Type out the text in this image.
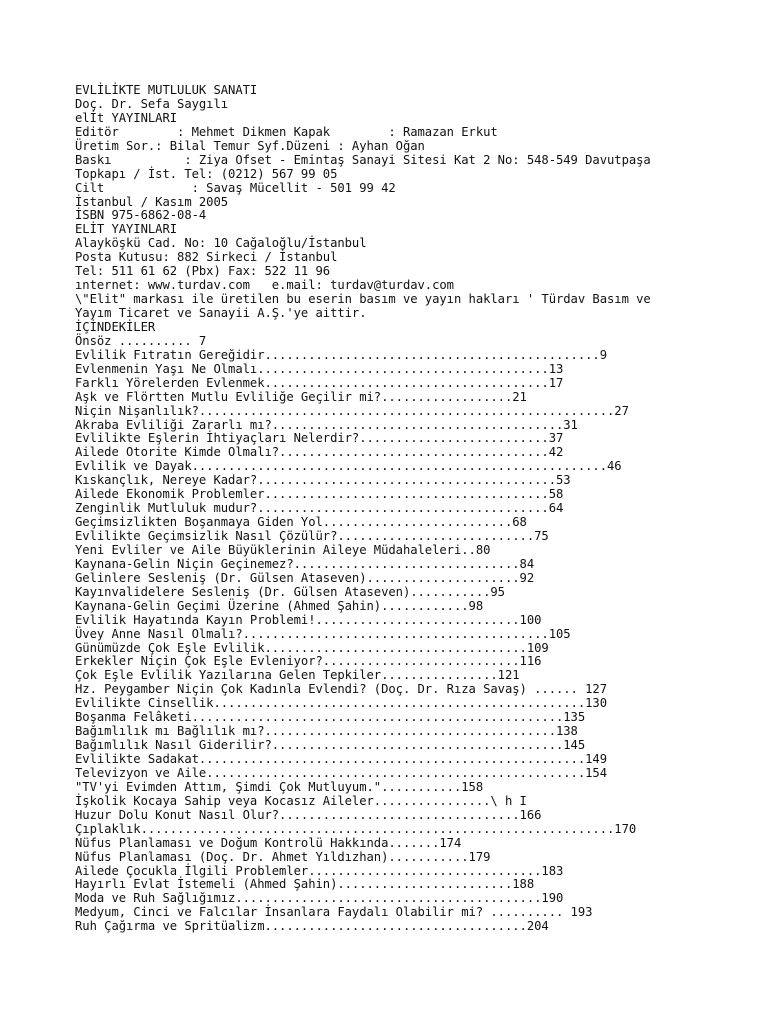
EVLİLİKTE MUTLULUK SANATI
Doç. Dr. Sefa Saygılı
elİt YAYINLARI
Editör        : Mehmet Dikmen Kapak        : Ramazan Erkut
Üretim Sor.: Bilal Temur Syf.Düzeni : Ayhan Oğan
Baskı          : Ziya Ofset - Emintaş Sanayi Sitesi Kat 2 No: 548-549 Davutpaşa
Topkapı / İst. Tel: (0212) 567 99 05
Cilt            : Savaş Mücellit - 501 99 42
İstanbul / Kasım 2005
İSBN 975-6862-08-4
ELİT YAYINLARI
Alayköşkü Cad. No: 10 Cağaloğlu/İstanbul
Posta Kutusu: 882 Sirkeci / İstanbul
Tel: 511 61 62 (Pbx) Fax: 522 11 96
ınternet: www.turdav.com   e.mail: turdav@turdav.com
\"Elit" markası ile üretilen bu eserin basım ve yayın hakları ' Türdav Basım ve
Yayım Ticaret ve Sanayii A.Ş.'ye aittir.
İÇİNDEKİLER
Önsöz .......... 7
Evlilik Fıtratın Gereğidir..............................................9
Evlenmenin Yaşı Ne Olmalı........................................13
Farklı Yörelerden Evlenmek.......................................17
Aşk ve Flörtten Mutlu Evliliğe Geçilir mi?..................21
Niçin Nişanlılık?.........................................................27
Akraba Evliliği Zararlı mı?........................................31
Evlilikte Eşlerin İhtiyaçları Nelerdir?..........................37
Ailede Otorite Kimde Olmalı?.....................................42
Evlilik ve Dayak.........................................................46
Kıskançlık, Nereye Kadar?.........................................53
Ailede Ekonomik Problemler.......................................58
Zenginlik Mutluluk mudur?........................................64
Geçimsizlikten Boşanmaya Giden Yol..........................68
Evlilikte Geçimsizlik Nasıl Çözülür?...........................75
Yeni Evliler ve Aile Büyüklerinin Aileye Müdahaleleri..80
Kaynana-Gelin Niçin Geçinemez?...............................84
Gelinlere Sesleniş (Dr. Gülsen Ataseven).....................92
Kayınvalidelere Sesleniş (Dr. Gülsen Ataseven)...........95
Kaynana-Gelin Geçimi Üzerine (Ahmed Şahin)............98
Evlilik Hayatında Kayın Problemi!............................100
Üvey Anne Nasıl Olmalı?..........................................105
Günümüzde Çok Eşle Evlilik....................................109
Erkekler Niçin Çok Eşle Evleniyor?...........................116
Çok Eşle Evlilik Yazılarına Gelen Tepkiler................121
Hz. Peygamber Niçin Çok Kadınla Evlendi? (Doç. Dr. Rıza Savaş) ...... 127
Evlilikte Cinsellik...................................................130
Boşanma Felâketi...................................................135
Bağımlılık mı Bağlılık mı?........................................138
Bağımlılık Nasıl Giderilir?........................................145
Evlilikte Sadakat.....................................................149
Televizyon ve Aile....................................................154
"TV'yi Evimden Attım, Şimdi Çok Mutluyum."...........158
İşkolik Kocaya Sahip veya Kocasız Aileler................\ h I
Huzur Dolu Konut Nasıl Olur?.................................166
Çıplaklık.................................................................170
Nüfus Planlaması ve Doğum Kontrolü Hakkında.......174
Nüfus Planlaması (Doç. Dr. Ahmet Yıldızhan)...........179
Ailede Çocukla İlgili Problemler................................183
Hayırlı Evlat İstemeli (Ahmed Şahin)........................188
Moda ve Ruh Sağlığımız..........................................190
Medyum, Cinci ve Falcılar İnsanlara Faydalı Olabilir mi? .......... 193
Ruh Çağırma ve Spritüalizm....................................204
